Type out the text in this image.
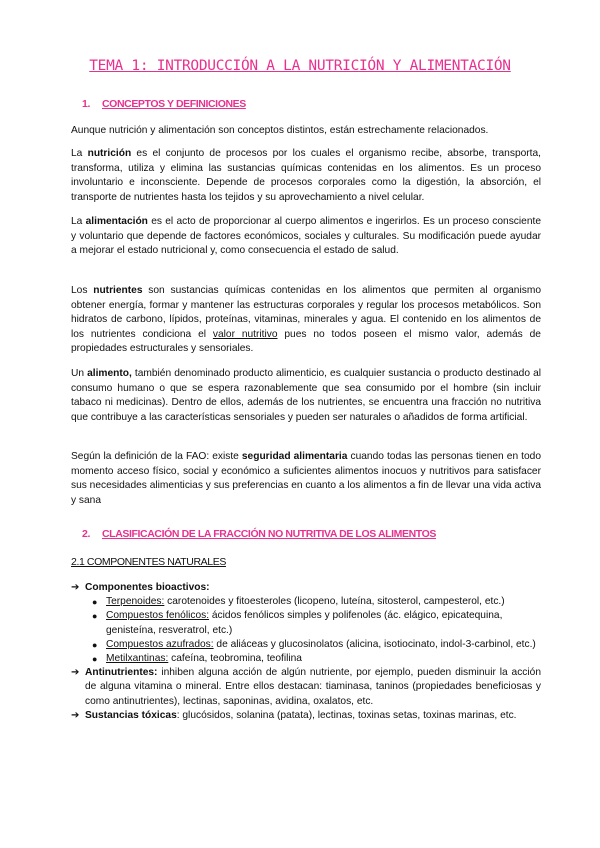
TEMA 1: INTRODUCCIÓN A LA NUTRICIÓN Y ALIMENTACIÓN
1. CONCEPTOS Y DEFINICIONES

Aunque nutrición y alimentación son conceptos distintos, están estrechamente relacionados.

La nutrición es el conjunto de procesos por los cuales el organismo recibe, absorbe, transporta, transforma, utiliza y elimina las sustancias químicas contenidas en los alimentos. Es un proceso involuntario e inconsciente. Depende de procesos corporales como la digestión, la absorción, el transporte de nutrientes hasta los tejidos y su aprovechamiento a nivel celular.

La alimentación es el acto de proporcionar al cuerpo alimentos e ingerirlos. Es un proceso consciente y voluntario que depende de factores económicos, sociales y culturales. Su modificación puede ayudar a mejorar el estado nutricional y, como consecuencia el estado de salud.

Los nutrientes son sustancias químicas contenidas en los alimentos que permiten al organismo obtener energía, formar y mantener las estructuras corporales y regular los procesos metabólicos. Son hidratos de carbono, lípidos, proteínas, vitaminas, minerales y agua. El contenido en los alimentos de los nutrientes condiciona el valor nutritivo pues no todos poseen el mismo valor, además de propiedades estructurales y sensoriales.

Un alimento, también denominado producto alimenticio, es cualquier sustancia o producto destinado al consumo humano o que se espera razonablemente que sea consumido por el hombre (sin incluir tabaco ni medicinas). Dentro de ellos, además de los nutrientes, se encuentra una fracción no nutritiva que contribuye a las características sensoriales y pueden ser naturales o añadidos de forma artificial.

Según la definición de la FAO: existe seguridad alimentaria cuando todas las personas tienen en todo momento acceso físico, social y económico a suficientes alimentos inocuos y nutritivos para satisfacer sus necesidades alimenticias y sus preferencias en cuanto a los alimentos a fin de llevar una vida activa y sana

2. CLASIFICACIÓN DE LA FRACCIÓN NO NUTRITIVA DE LOS ALIMENTOS
2.1 COMPONENTES NATURALES
➔ Componentes bioactivos:
● Terpenoides: carotenoides y fitoesteroles (licopeno, luteína, sitosterol, campesterol, etc.)
● Compuestos fenólicos: ácidos fenólicos simples y polifenoles (ác. elágico, epicatequina, genisteína, resveratrol, etc.)
● Compuestos azufrados: de aliáceas y glucosinolatos (alicina, isotiocinato, indol-3-carbinol, etc.)
● Metilxantinas: cafeína, teobromina, teofilina
➔ Antinutrientes: inhiben alguna acción de algún nutriente, por ejemplo, pueden disminuir la acción de alguna vitamina o mineral. Entre ellos destacan: tiaminasa, taninos (propiedades beneficiosas y como antinutrientes), lectinas, saponinas, avidina, oxalatos, etc.
➔ Sustancias tóxicas: glucósidos, solanina (patata), lectinas, toxinas setas, toxinas marinas, etc.
